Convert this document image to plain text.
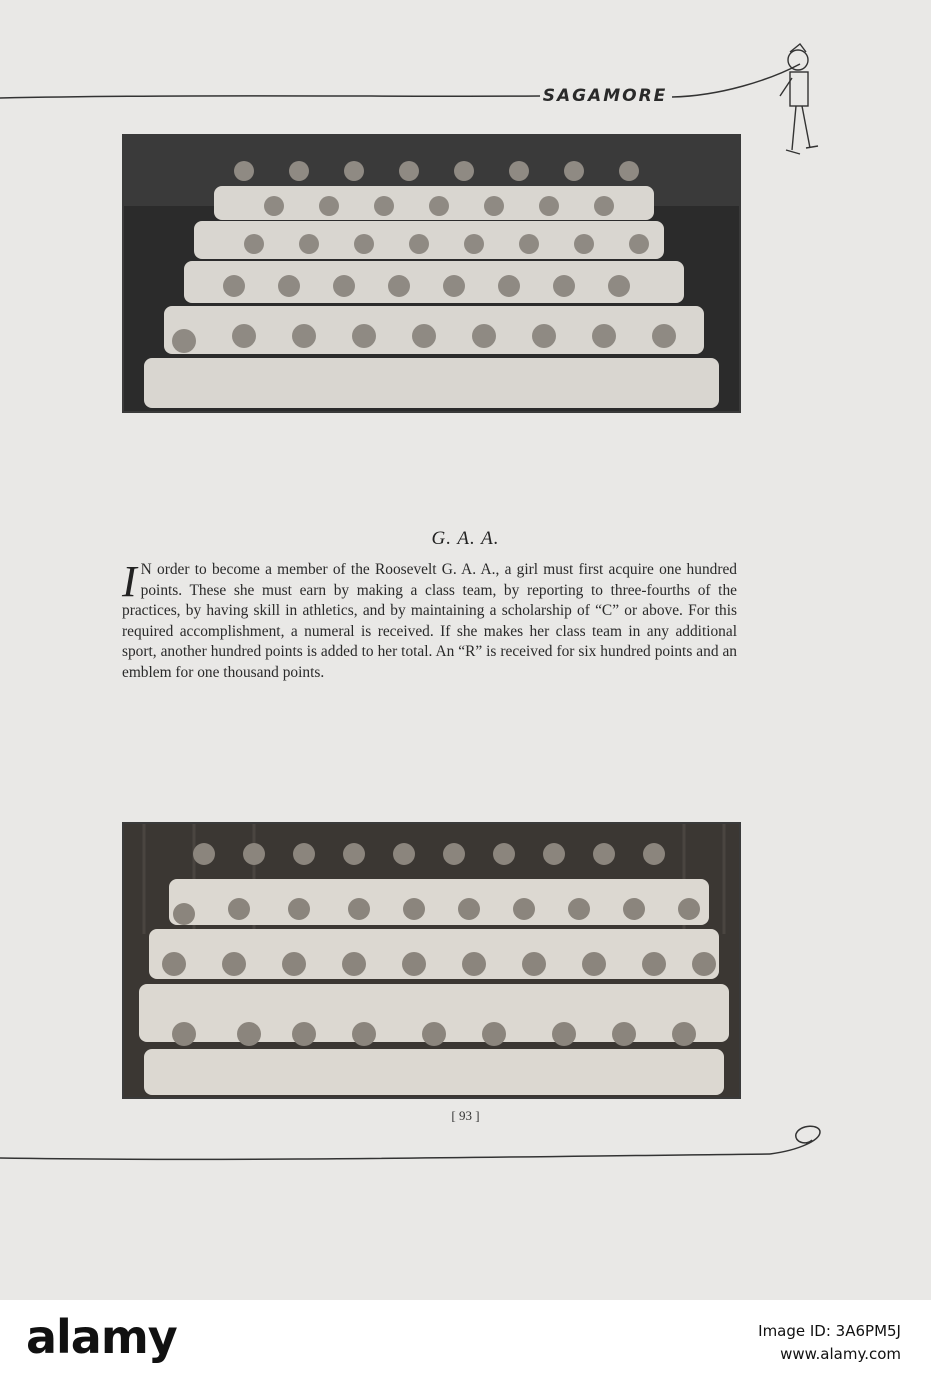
SAGAMORE
G. A. A.
I N order to become a member of the Roosevelt G. A. A., a girl must first acquire one hundred points. These she must earn by making a class team, by reporting to three-fourths of the practices, by having skill in athletics, and by maintaining a scholarship of “C” or above. For this required accomplishment, a numeral is received. If she makes her class team in any additional sport, another hundred points is added to her total. An “R” is received for six hundred points and an emblem for one thousand points.
[ 93 ]
alamy	Image ID: 3A6PM5J
www.alamy.com
